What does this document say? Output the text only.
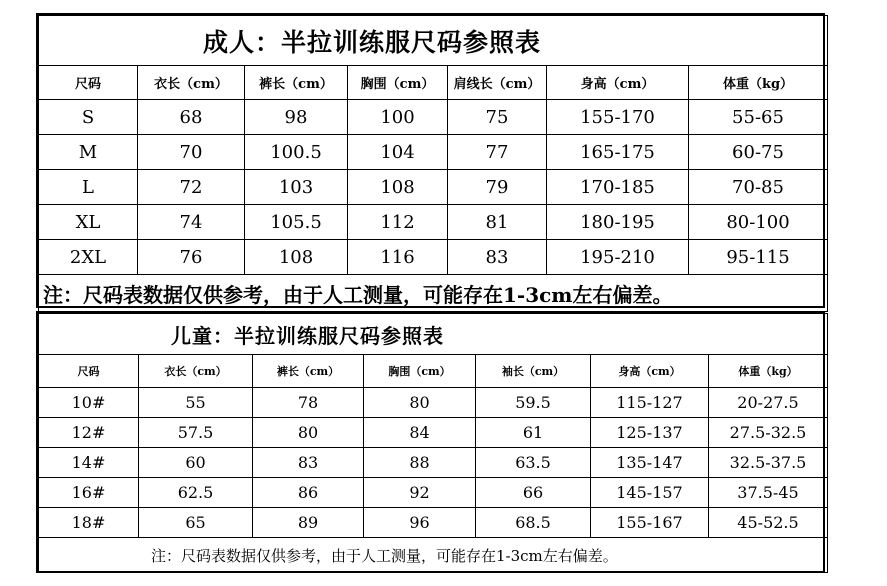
成人：半拉训练服尺码参照表						
尺码	衣长（cm）	裤长（cm）	胸围（cm）	肩线长（cm）	身高（cm）	体重（kg）
S	68	98	100	75	155-170	55-65
M	70	100.5	104	77	165-175	60-75
L	72	103	108	79	170-185	70-85
XL	74	105.5	112	81	180-195	80-100
2XL	76	108	116	83	195-210	95-115
注：尺码表数据仅供参考，由于人工测量，可能存在1-3cm左右偏差。						
儿童：半拉训练服尺码参照表						
尺码	衣长（cm）	裤长（cm）	胸围（cm）	袖长（cm）	身高（cm）	体重（kg）
10#	55	78	80	59.5	115-127	20-27.5
12#	57.5	80	84	61	125-137	27.5-32.5
14#	60	83	88	63.5	135-147	32.5-37.5
16#	62.5	86	92	66	145-157	37.5-45
18#	65	89	96	68.5	155-167	45-52.5
注：尺码表数据仅供参考，由于人工测量，可能存在1-3cm左右偏差。						
